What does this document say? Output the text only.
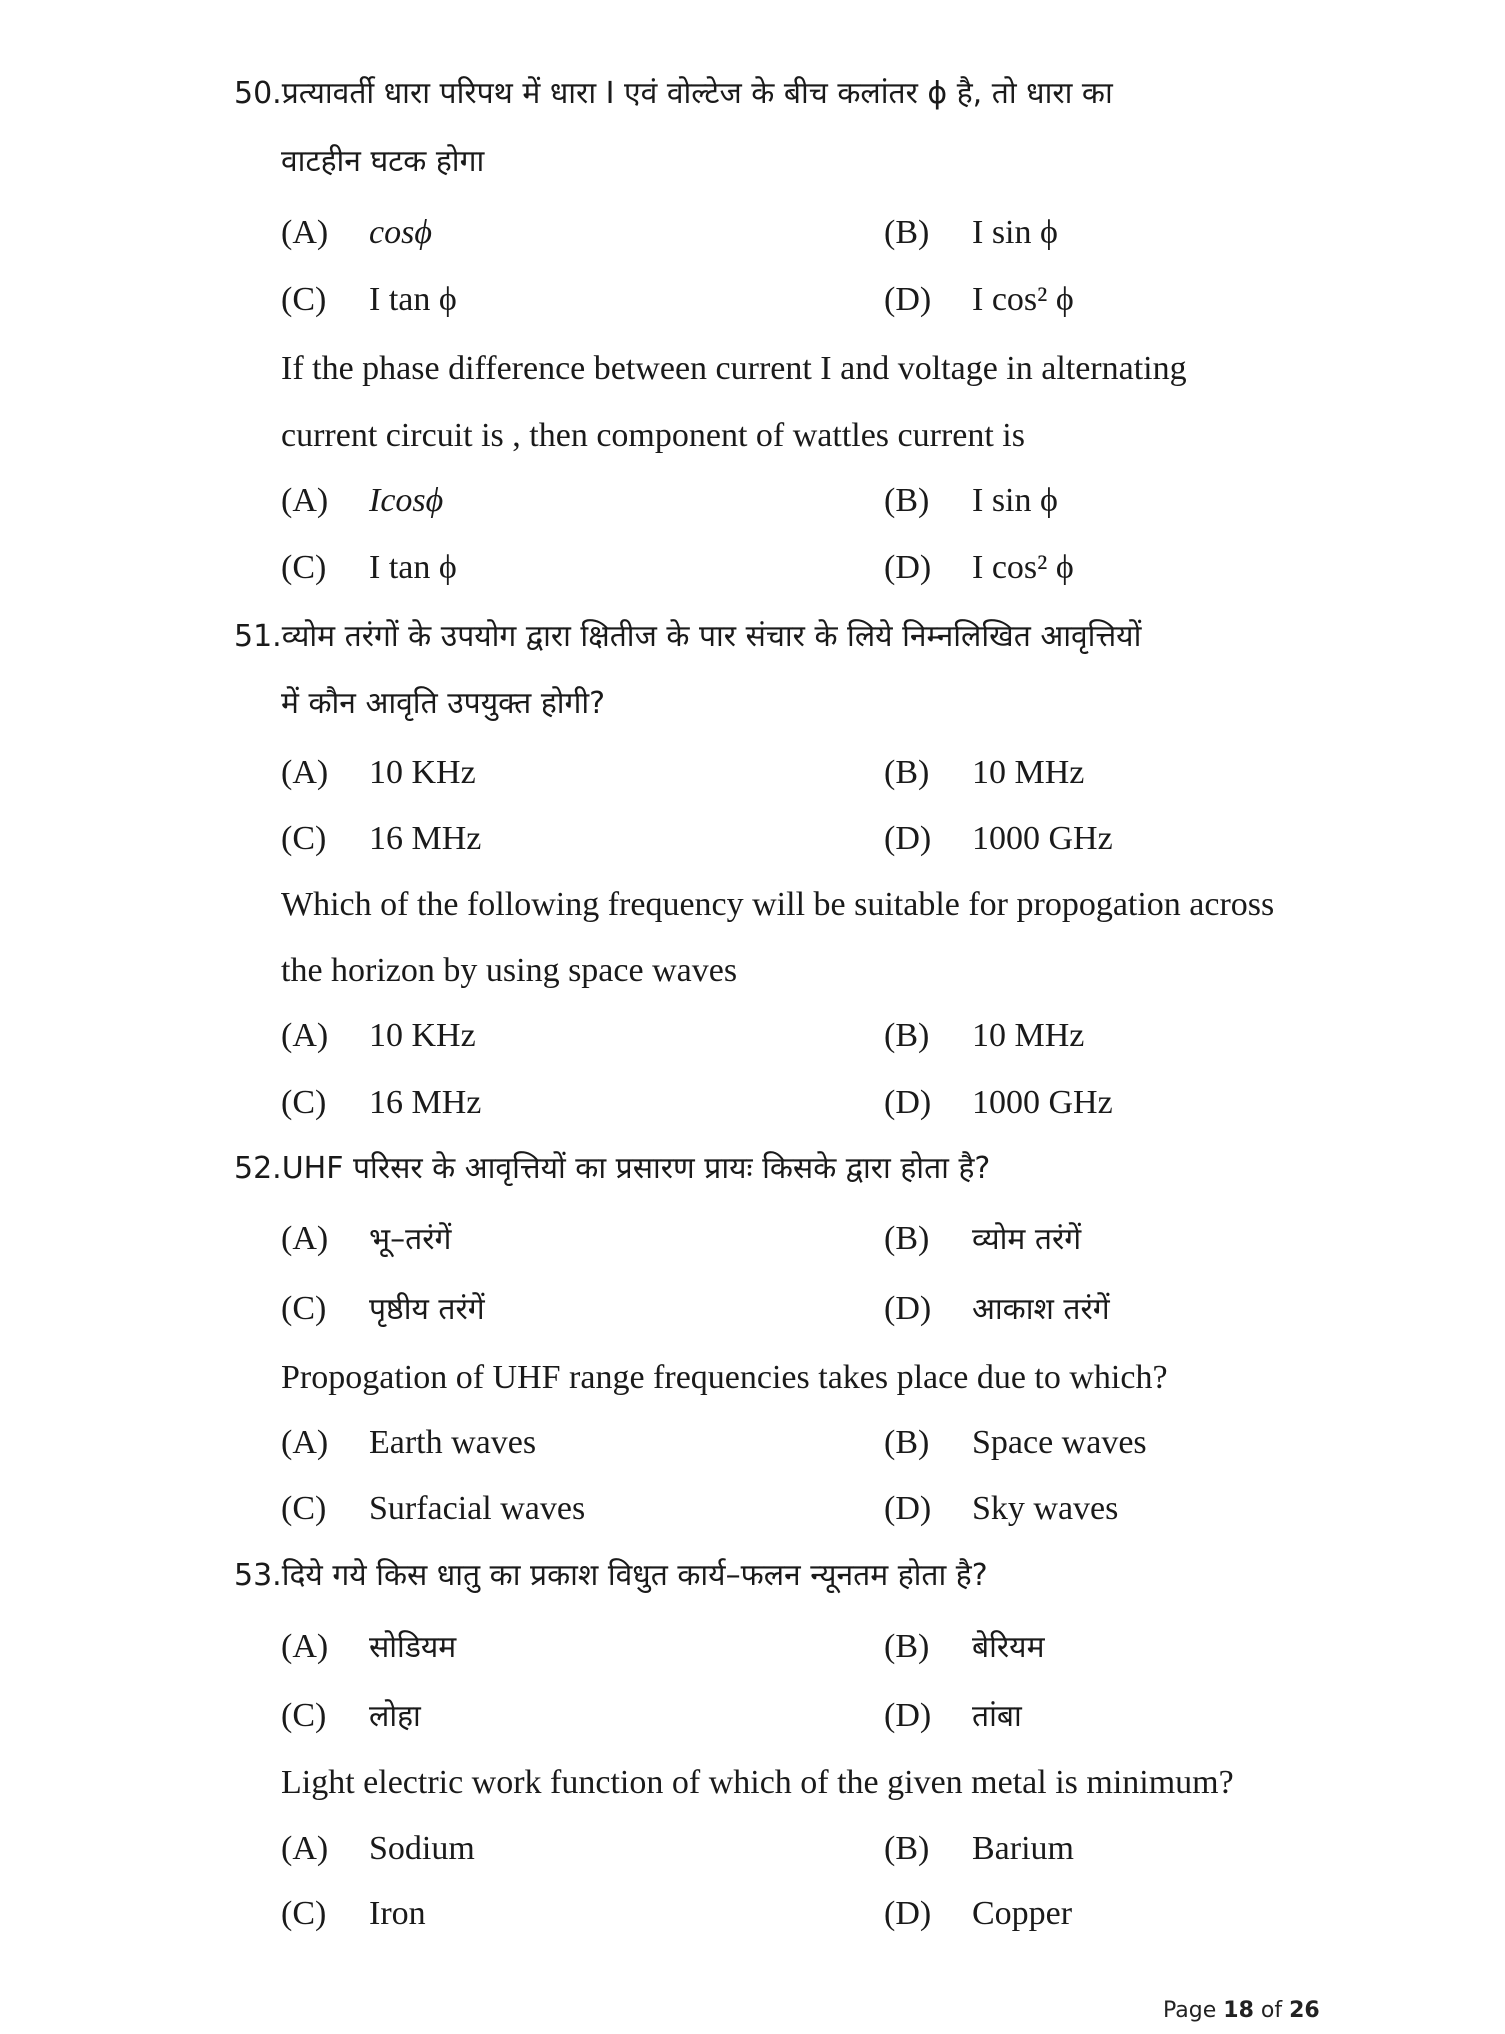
50.प्रत्यावर्ती धारा परिपथ में धारा I एवं वोल्टेज के बीच कलांतर ϕ है, तो धारा का
वाटहीन घटक होगा
(A) cosϕ	(B) I sin ϕ
(C) I tan ϕ	(D) I cos² ϕ
If the phase difference between current I and voltage in alternating
current circuit is , then component of wattles current is
(A) Icosϕ	(B) I sin ϕ
(C) I tan ϕ	(D) I cos² ϕ
51.व्योम तरंगों के उपयोग द्वारा क्षितीज के पार संचार के लिये निम्नलिखित आवृत्तियों
में कौन आवृति उपयुक्त होगी?
(A) 10 KHz	(B) 10 MHz
(C) 16 MHz	(D) 1000 GHz
Which of the following frequency will be suitable for propogation across
the horizon by using space waves
(A) 10 KHz	(B) 10 MHz
(C) 16 MHz	(D) 1000 GHz
52.UHF परिसर के आवृत्तियों का प्रसारण प्रायः किसके द्वारा होता है?
(A) भू–तरंगें	(B) व्योम तरंगें
(C) पृष्ठीय तरंगें	(D) आकाश तरंगें
Propogation of UHF range frequencies takes place due to which?
(A) Earth waves	(B) Space waves
(C) Surfacial waves	(D) Sky waves
53.दिये गये किस धातु का प्रकाश विधुत कार्य–फलन न्यूनतम होता है?
(A) सोडियम	(B) बेरियम
(C) लोहा	(D) तांबा
Light electric work function of which of the given metal is minimum?
(A) Sodium	(B) Barium
(C) Iron	(D) Copper
Page 18 of 26
